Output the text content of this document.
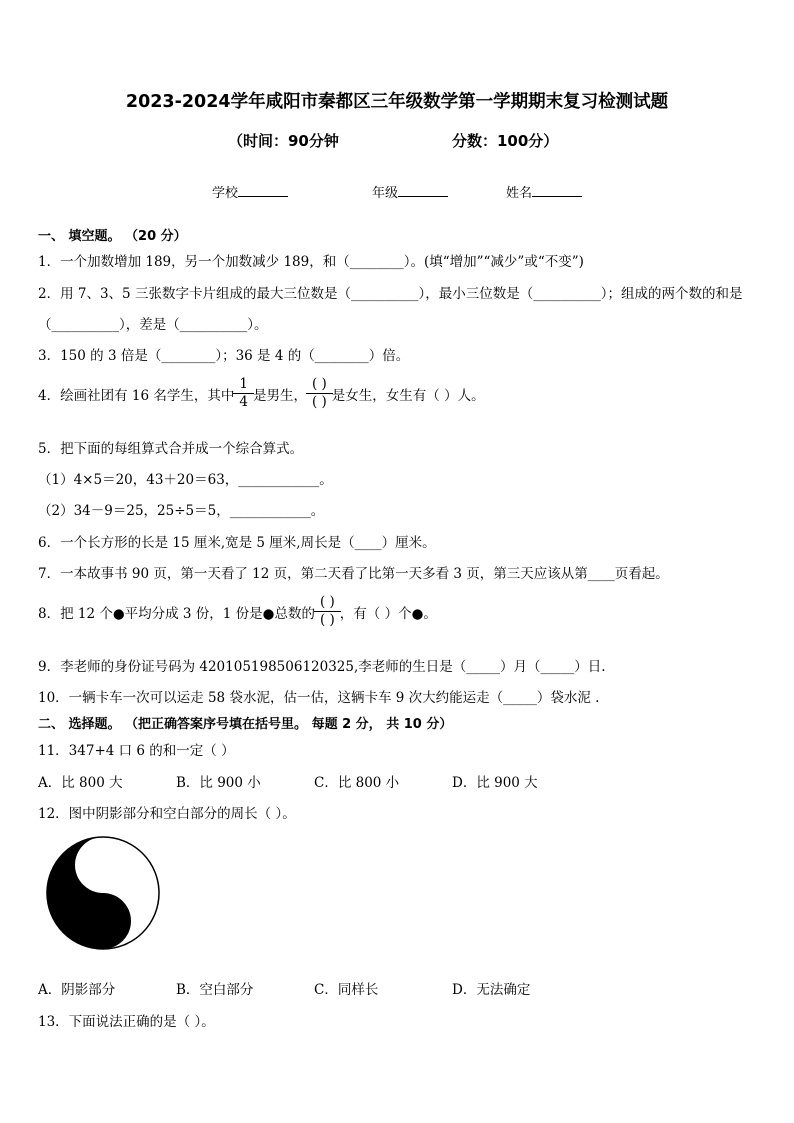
2023-2024学年咸阳市秦都区三年级数学第一学期期末复习检测试题
（时间：90分钟	分数：100分）
学校	年级	姓名
一、 填空题。 （20 分）
1．一个加数增加 189，另一个加数减少 189，和（________）。(填“增加”“减少”或“不变”)
2．用 7、3、5 三张数字卡片组成的最大三位数是（__________），最小三位数是（__________）；组成的两个数的和是
（__________），差是（__________）。
3．150 的 3 倍是（________）；36 是 4 的（________）倍。
4．绘画社团有 16 名学生，其中 $\frac{1}{4}$ 是男生， $\frac{( )}{( )}$ 是女生，女生有（ ）人。
5．把下面的每组算式合并成一个综合算式。
（1）4×5＝20，43＋20＝63，____________。
（2）34－9＝25，25÷5＝5，____________。
6．一个长方形的长是 15 厘米,宽是 5 厘米,周长是（____）厘米。
7．一本故事书 90 页，第一天看了 12 页，第二天看了比第一天多看 3 页，第三天应该从第____页看起。
8．把 12 个●平均分成 3 份，1 份是●总数的 $\frac{( )}{( )}$ ，有（ ）个●。
9．李老师的身份证号码为 420105198506120325,李老师的生日是（_____）月（_____）日.
10．一辆卡车一次可以运走 58 袋水泥，估一估，这辆卡车 9 次大约能运走（_____）袋水泥 .
二、 选择题。 （把正确答案序号填在括号里。 每题 2 分， 共 10 分）
11．347+4 口 6 的和一定（ ）
A．比 800 大	B．比 900 小	C．比 800 小	D．比 900 大
12．图中阴影部分和空白部分的周长（ ）。
A．阴影部分	B．空白部分	C．同样长	D．无法确定
13．下面说法正确的是（ ）。
